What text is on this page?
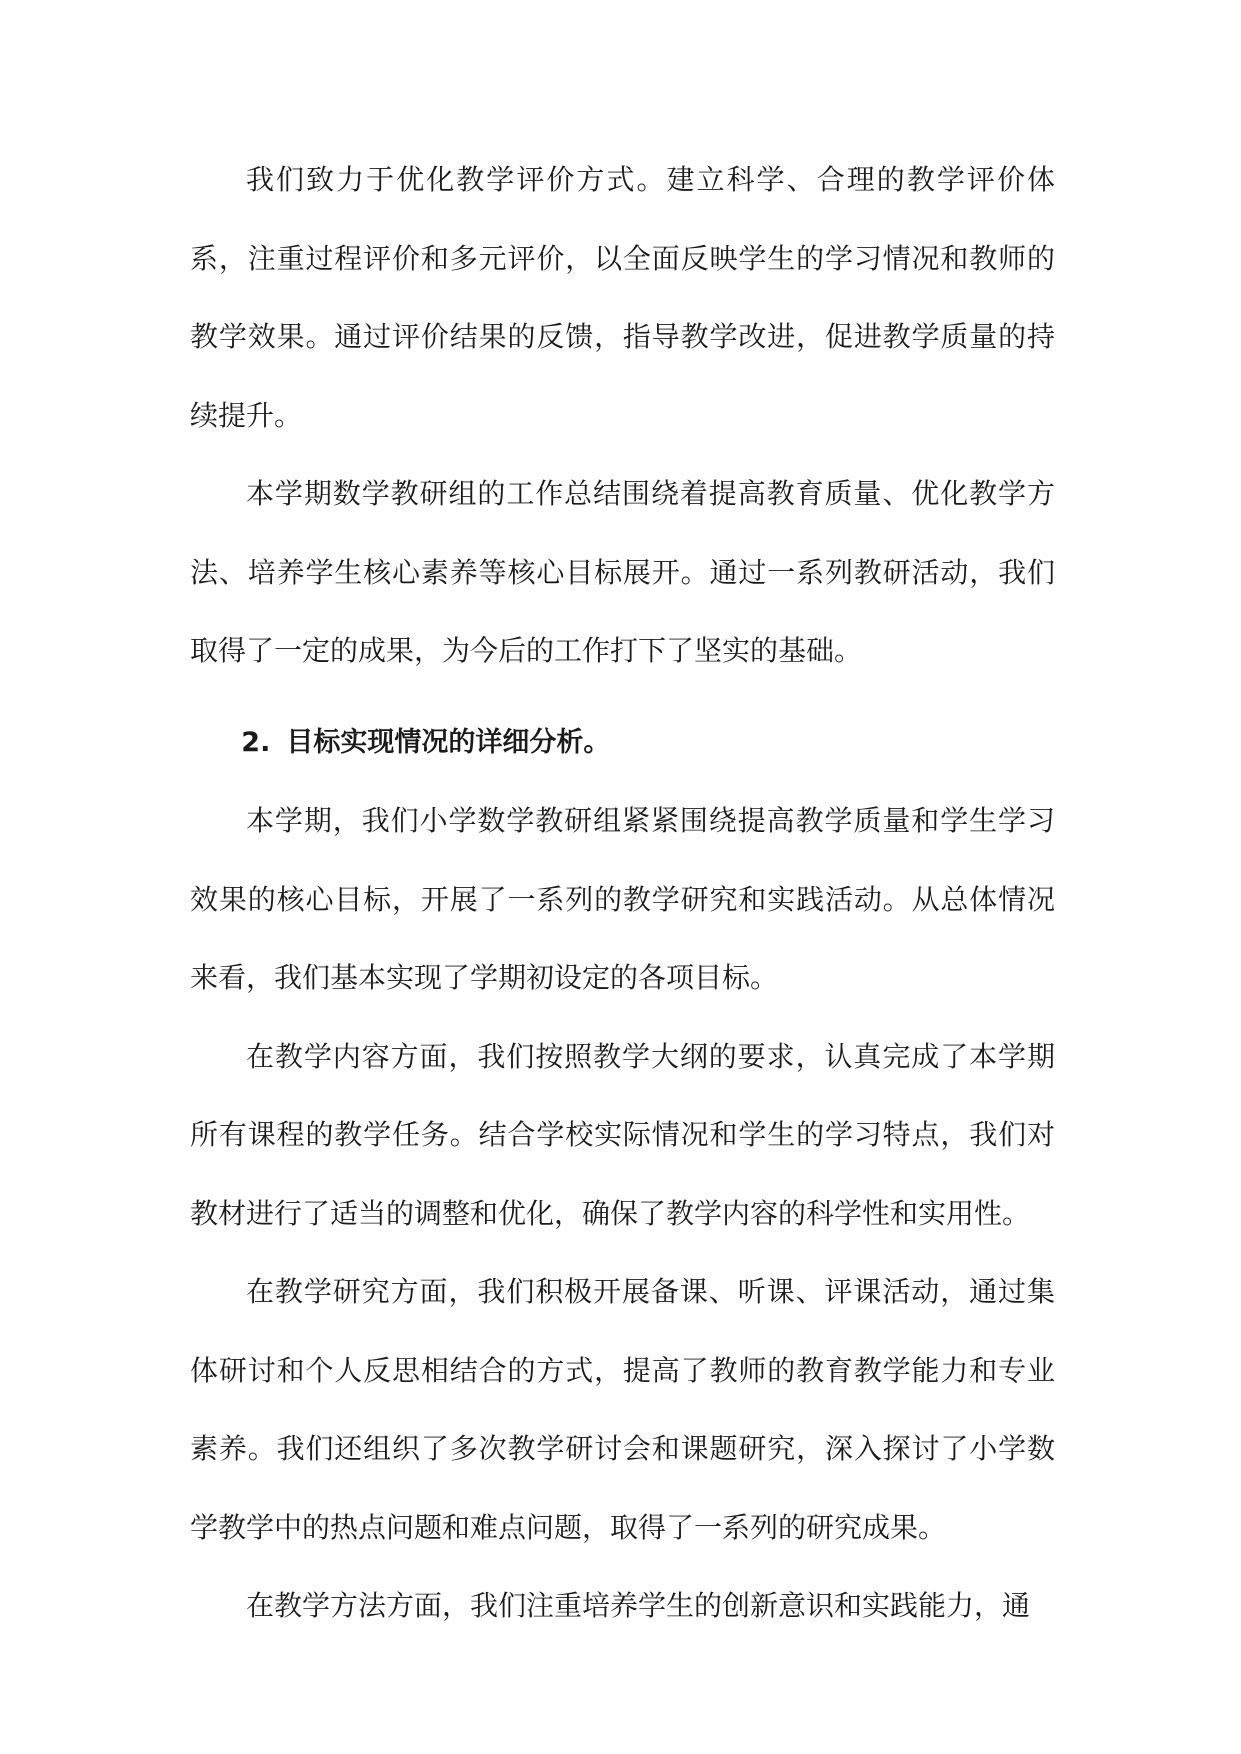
我们致力于优化教学评价方式。建立科学、合理的教学评价体系，注重过程评价和多元评价，以全面反映学生的学习情况和教师的教学效果。通过评价结果的反馈，指导教学改进，促进教学质量的持续提升。

本学期数学教研组的工作总结围绕着提高教育质量、优化教学方法、培养学生核心素养等核心目标展开。通过一系列教研活动，我们取得了一定的成果，为今后的工作打下了坚实的基础。

2. 目标实现情况的详细分析。

本学期，我们小学数学教研组紧紧围绕提高教学质量和学生学习效果的核心目标，开展了一系列的教学研究和实践活动。从总体情况来看，我们基本实现了学期初设定的各项目标。

在教学内容方面，我们按照教学大纲的要求，认真完成了本学期所有课程的教学任务。结合学校实际情况和学生的学习特点，我们对教材进行了适当的调整和优化，确保了教学内容的科学性和实用性。

在教学研究方面，我们积极开展备课、听课、评课活动，通过集体研讨和个人反思相结合的方式，提高了教师的教育教学能力和专业素养。我们还组织了多次教学研讨会和课题研究，深入探讨了小学数学教学中的热点问题和难点问题，取得了一系列的研究成果。

在教学方法方面，我们注重培养学生的创新意识和实践能力，通
